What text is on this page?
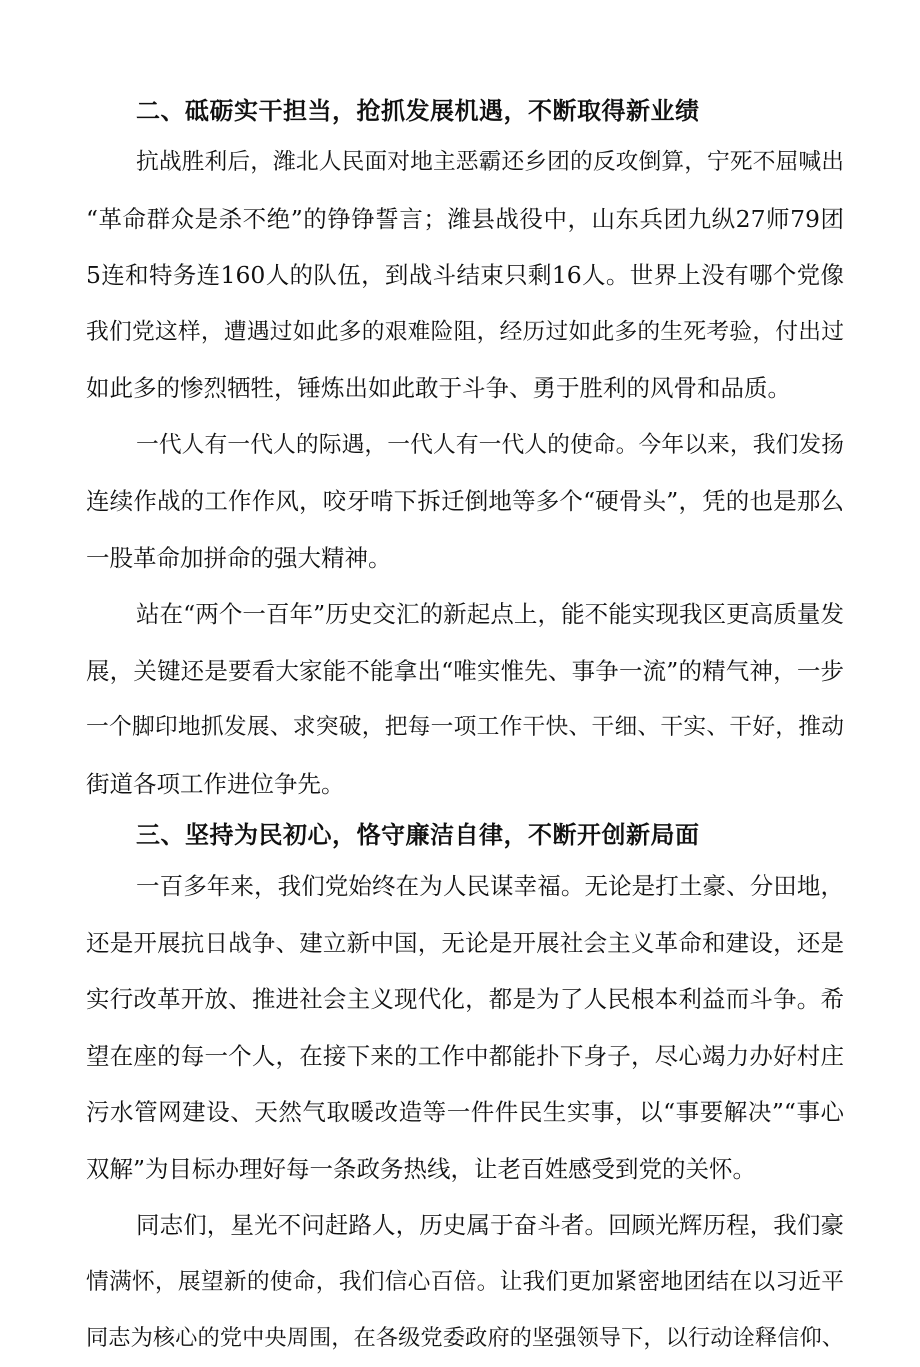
二、砥砺实干担当，抢抓发展机遇，不断取得新业绩
抗战胜利后，潍北人民面对地主恶霸还乡团的反攻倒算，宁死不屈喊出
“革命群众是杀不绝”的铮铮誓言；潍县战役中，山东兵团九纵27师79团
5连和特务连160人的队伍，到战斗结束只剩16人。世界上没有哪个党像
我们党这样，遭遇过如此多的艰难险阻，经历过如此多的生死考验，付出过
如此多的惨烈牺牲，锤炼出如此敢于斗争、勇于胜利的风骨和品质。
一代人有一代人的际遇，一代人有一代人的使命。今年以来，我们发扬
连续作战的工作作风，咬牙啃下拆迁倒地等多个“硬骨头”，凭的也是那么
一股革命加拼命的强大精神。
站在“两个一百年”历史交汇的新起点上，能不能实现我区更高质量发
展，关键还是要看大家能不能拿出“唯实惟先、事争一流”的精气神，一步
一个脚印地抓发展、求突破，把每一项工作干快、干细、干实、干好，推动
街道各项工作进位争先。
三、坚持为民初心，恪守廉洁自律，不断开创新局面
一百多年来，我们党始终在为人民谋幸福。无论是打土豪、分田地，
还是开展抗日战争、建立新中国，无论是开展社会主义革命和建设，还是
实行改革开放、推进社会主义现代化，都是为了人民根本利益而斗争。希
望在座的每一个人，在接下来的工作中都能扑下身子，尽心竭力办好村庄
污水管网建设、天然气取暖改造等一件件民生实事，以“事要解决”“事心
双解”为目标办理好每一条政务热线，让老百姓感受到党的关怀。
同志们，星光不问赶路人，历史属于奋斗者。回顾光辉历程，我们豪
情满怀，展望新的使命，我们信心百倍。让我们更加紧密地团结在以习近平
同志为核心的党中央周围，在各级党委政府的坚强领导下，以行动诠释信仰、
